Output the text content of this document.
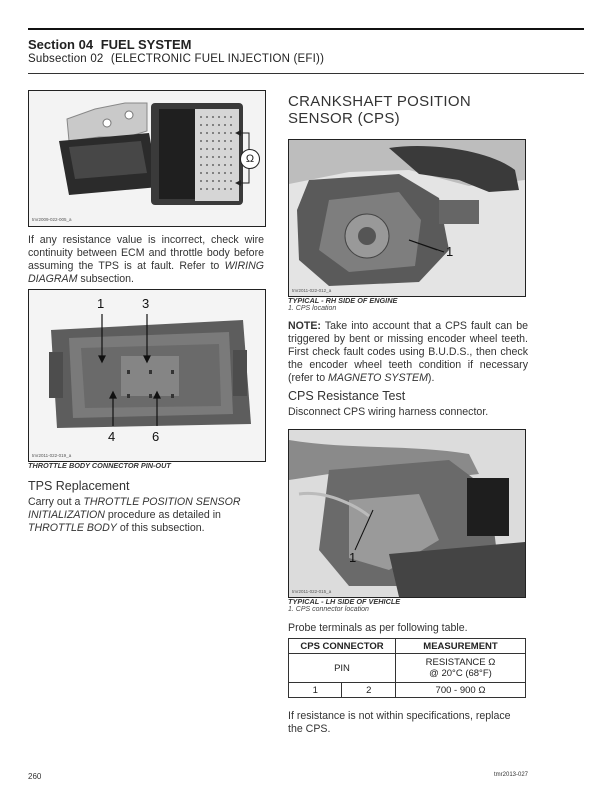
Section 04 FUEL SYSTEM
Subsection 02 (ELECTRONIC FUEL INJECTION (EFI))
Ω
tmr2009-022-005_a
If any resistance value is incorrect, check wire continuity between ECM and throttle body before assuming the TPS is at fault. Refer to WIRING DIAGRAM subsection.
1	3
4	6
tmr2011-022-019_a
THROTTLE BODY CONNECTOR PIN-OUT
TPS Replacement
Carry out a THROTTLE POSITION SENSOR INITIALIZATION procedure as detailed in THROTTLE BODY of this subsection.
CRANKSHAFT POSITION SENSOR (CPS)
1
tmr2011-022-012_a
TYPICAL - RH SIDE OF ENGINE
1. CPS location
NOTE: Take into account that a CPS fault can be triggered by bent or missing encoder wheel teeth. First check fault codes using B.U.D.S., then check the encoder wheel teeth condition if necessary (refer to MAGNETO SYSTEM).
CPS Resistance Test
Disconnect CPS wiring harness connector.
1
tmr2011-022-015_a
TYPICAL - LH SIDE OF VEHICLE
1. CPS connector location
Probe terminals as per following table.
CPS CONNECTOR		MEASUREMENT
PIN		RESISTANCE Ω
@ 20°C (68°F)

1	2	700 - 900 Ω
If resistance is not within specifications, replace the CPS.
260	tmr2013-027
